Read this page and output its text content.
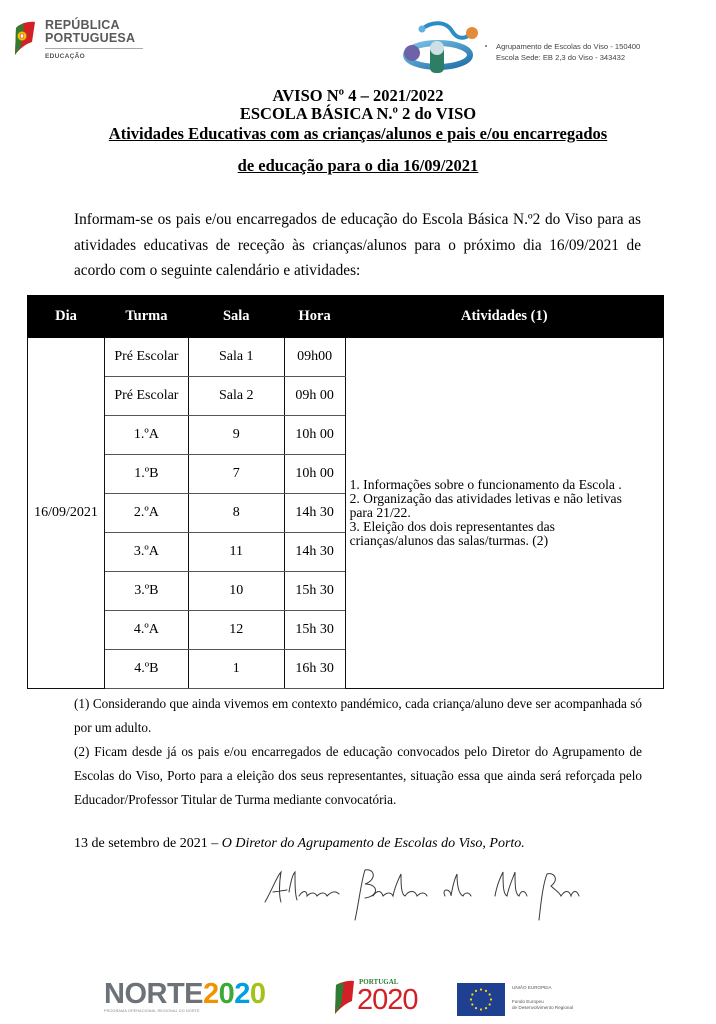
REPÚBLICA
PORTUGUESA
EDUCAÇÃO
Agrupamento de Escolas do Viso - 150400
Escola Sede: EB 2,3 do Viso - 343432
AVISO Nº 4 – 2021/2022
ESCOLA BÁSICA N.º 2 do VISO
Atividades Educativas com as crianças/alunos e pais e/ou encarregados
de educação para o dia 16/09/2021
Informam-se os pais e/ou encarregados de educação do Escola Básica N.º2 do Viso para as atividades educativas de receção às crianças/alunos para o próximo dia 16/09/2021 de acordo com o seguinte calendário e atividades:
Dia	Turma	Sala	Hora	Atividades (1)
16/09/2021	Pré Escolar	Sala 1	09h00	1. Informações sobre o funcionamento da Escola .
2. Organização das atividades letivas e não letivas
para 21/22.
3. Eleição dos dois representantes das
crianças/alunos das salas/turmas. (2)

	Pré Escolar	Sala 2	09h 00	
	1.ºA	9	10h 00	
	1.ºB	7	10h 00	
	2.ºA	8	14h 30	
	3.ºA	11	14h 30	
	3.ºB	10	15h 30	
	4.ºA	12	15h 30	
	4.ºB	1	16h 30	

(1) Considerando que ainda vivemos em contexto pandémico, cada criança/aluno deve ser acompanhada só por um adulto.

(2) Ficam desde já os pais e/ou encarregados de educação convocados pelo Diretor do Agrupamento de Escolas do Viso, Porto para a eleição dos seus representantes, situação essa que ainda será reforçada pelo Educador/Professor Titular de Turma mediante convocatória.

13 de setembro de 2021 – O Diretor do Agrupamento de Escolas do Viso, Porto.
NORTE2020
PROGRAMA OPERACIONAL REGIONAL DO NORTE
PORTUGAL
2020	UNIÃO EUROPEIA
Fundo Europeu
de Desenvolvimento Regional
